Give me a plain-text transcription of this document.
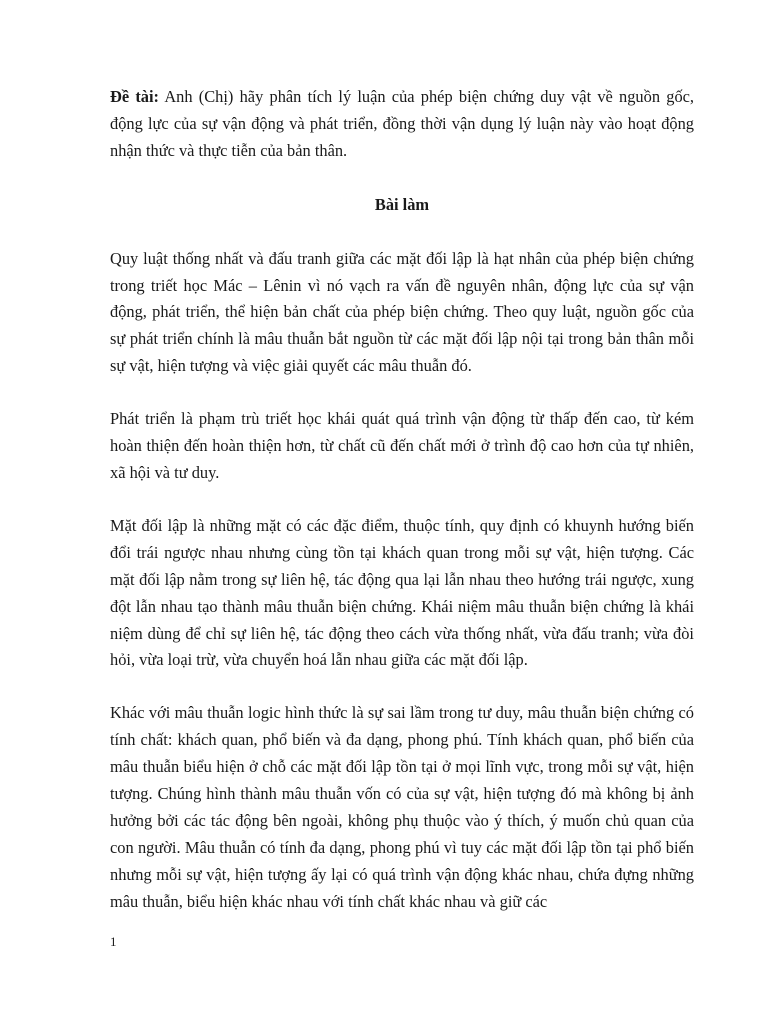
Đề tài: Anh (Chị) hãy phân tích lý luận của phép biện chứng duy vật về nguồn gốc, động lực của sự vận động và phát triển, đồng thời vận dụng lý luận này vào hoạt động nhận thức và thực tiễn của bản thân.

Bài làm

Quy luật thống nhất và đấu tranh giữa các mặt đối lập là hạt nhân của phép biện chứng trong triết học Mác – Lênin vì nó vạch ra vấn đề nguyên nhân, động lực của sự vận động, phát triển, thể hiện bản chất của phép biện chứng. Theo quy luật, nguồn gốc của sự phát triển chính là mâu thuẫn bắt nguồn từ các mặt đối lập nội tại trong bản thân mỗi sự vật, hiện tượng và việc giải quyết các mâu thuẫn đó.

Phát triển là phạm trù triết học khái quát quá trình vận động từ thấp đến cao, từ kém hoàn thiện đến hoàn thiện hơn, từ chất cũ đến chất mới ở trình độ cao hơn của tự nhiên, xã hội và tư duy.

Mặt đối lập là những mặt có các đặc điểm, thuộc tính, quy định có khuynh hướng biến đổi trái ngược nhau nhưng cùng tồn tại khách quan trong mỗi sự vật, hiện tượng. Các mặt đối lập nằm trong sự liên hệ, tác động qua lại lẫn nhau theo hướng trái ngược, xung đột lẫn nhau tạo thành mâu thuẫn biện chứng. Khái niệm mâu thuẫn biện chứng là khái niệm dùng để chỉ sự liên hệ, tác động theo cách vừa thống nhất, vừa đấu tranh; vừa đòi hỏi, vừa loại trừ, vừa chuyển hoá lẫn nhau giữa các mặt đối lập.

Khác với mâu thuẫn logic hình thức là sự sai lầm trong tư duy, mâu thuẫn biện chứng có tính chất: khách quan, phổ biến và đa dạng, phong phú. Tính khách quan, phổ biến của mâu thuẫn biểu hiện ở chỗ các mặt đối lập tồn tại ở mọi lĩnh vực, trong mỗi sự vật, hiện tượng. Chúng hình thành mâu thuẫn vốn có của sự vật, hiện tượng đó mà không bị ảnh hưởng bởi các tác động bên ngoài, không phụ thuộc vào ý thích, ý muốn chủ quan của con người. Mâu thuẫn có tính đa dạng, phong phú vì tuy các mặt đối lập tồn tại phổ biến nhưng mỗi sự vật, hiện tượng ấy lại có quá trình vận động khác nhau, chứa đựng những mâu thuẫn, biểu hiện khác nhau với tính chất khác nhau và giữ các

1
